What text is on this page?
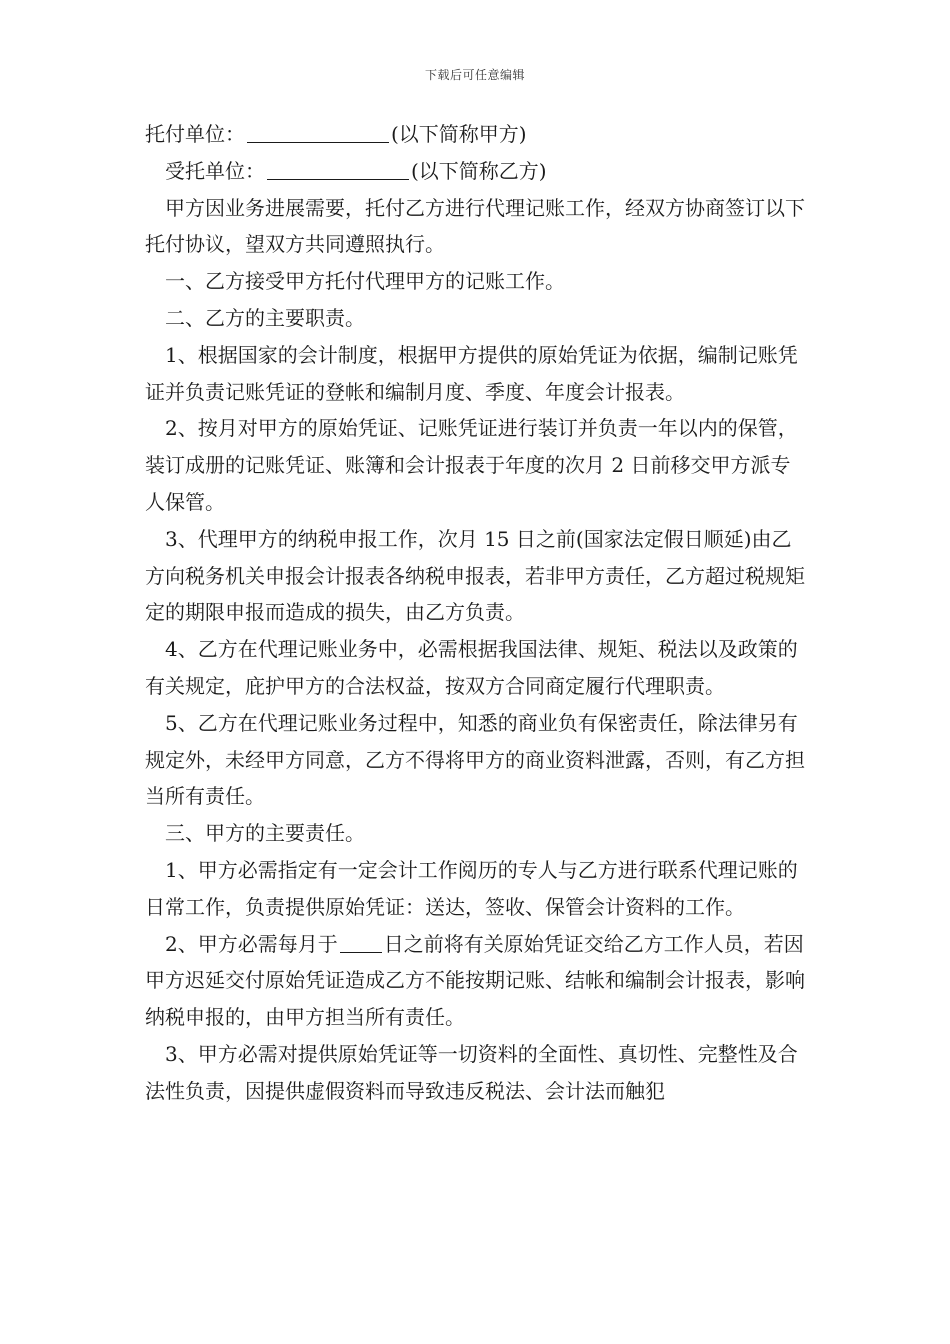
下载后可任意编辑

托付单位：	(以下简称甲方)

受托单位：	(以下简称乙方)

甲方因业务进展需要，托付乙方进行代理记账工作，经双方协商签订以下托付协议，望双方共同遵照执行。

一、乙方接受甲方托付代理甲方的记账工作。

二、乙方的主要职责。

1、根据国家的会计制度，根据甲方提供的原始凭证为依据，编制记账凭证并负责记账凭证的登帐和编制月度、季度、年度会计报表。

2、按月对甲方的原始凭证、记账凭证进行装订并负责一年以内的保管，装订成册的记账凭证、账簿和会计报表于年度的次月 2 日前移交甲方派专人保管。

3、代理甲方的纳税申报工作，次月 15 日之前(国家法定假日顺延)由乙方向税务机关申报会计报表各纳税申报表，若非甲方责任，乙方超过税规矩定的期限申报而造成的损失，由乙方负责。

4、乙方在代理记账业务中，必需根据我国法律、规矩、税法以及政策的有关规定，庇护甲方的合法权益，按双方合同商定履行代理职责。

5、乙方在代理记账业务过程中，知悉的商业负有保密责任，除法律另有规定外，未经甲方同意，乙方不得将甲方的商业资料泄露，否则，有乙方担当所有责任。

三、甲方的主要责任。

1、甲方必需指定有一定会计工作阅历的专人与乙方进行联系代理记账的日常工作，负责提供原始凭证：送达，签收、保管会计资料的工作。

2、甲方必需每月于 日之前将有关原始凭证交给乙方工作人员，若因甲方迟延交付原始凭证造成乙方不能按期记账、结帐和编制会计报表，影响纳税申报的，由甲方担当所有责任。

3、甲方必需对提供原始凭证等一切资料的全面性、真切性、完整性及合法性负责，因提供虚假资料而导致违反税法、会计法而触犯
